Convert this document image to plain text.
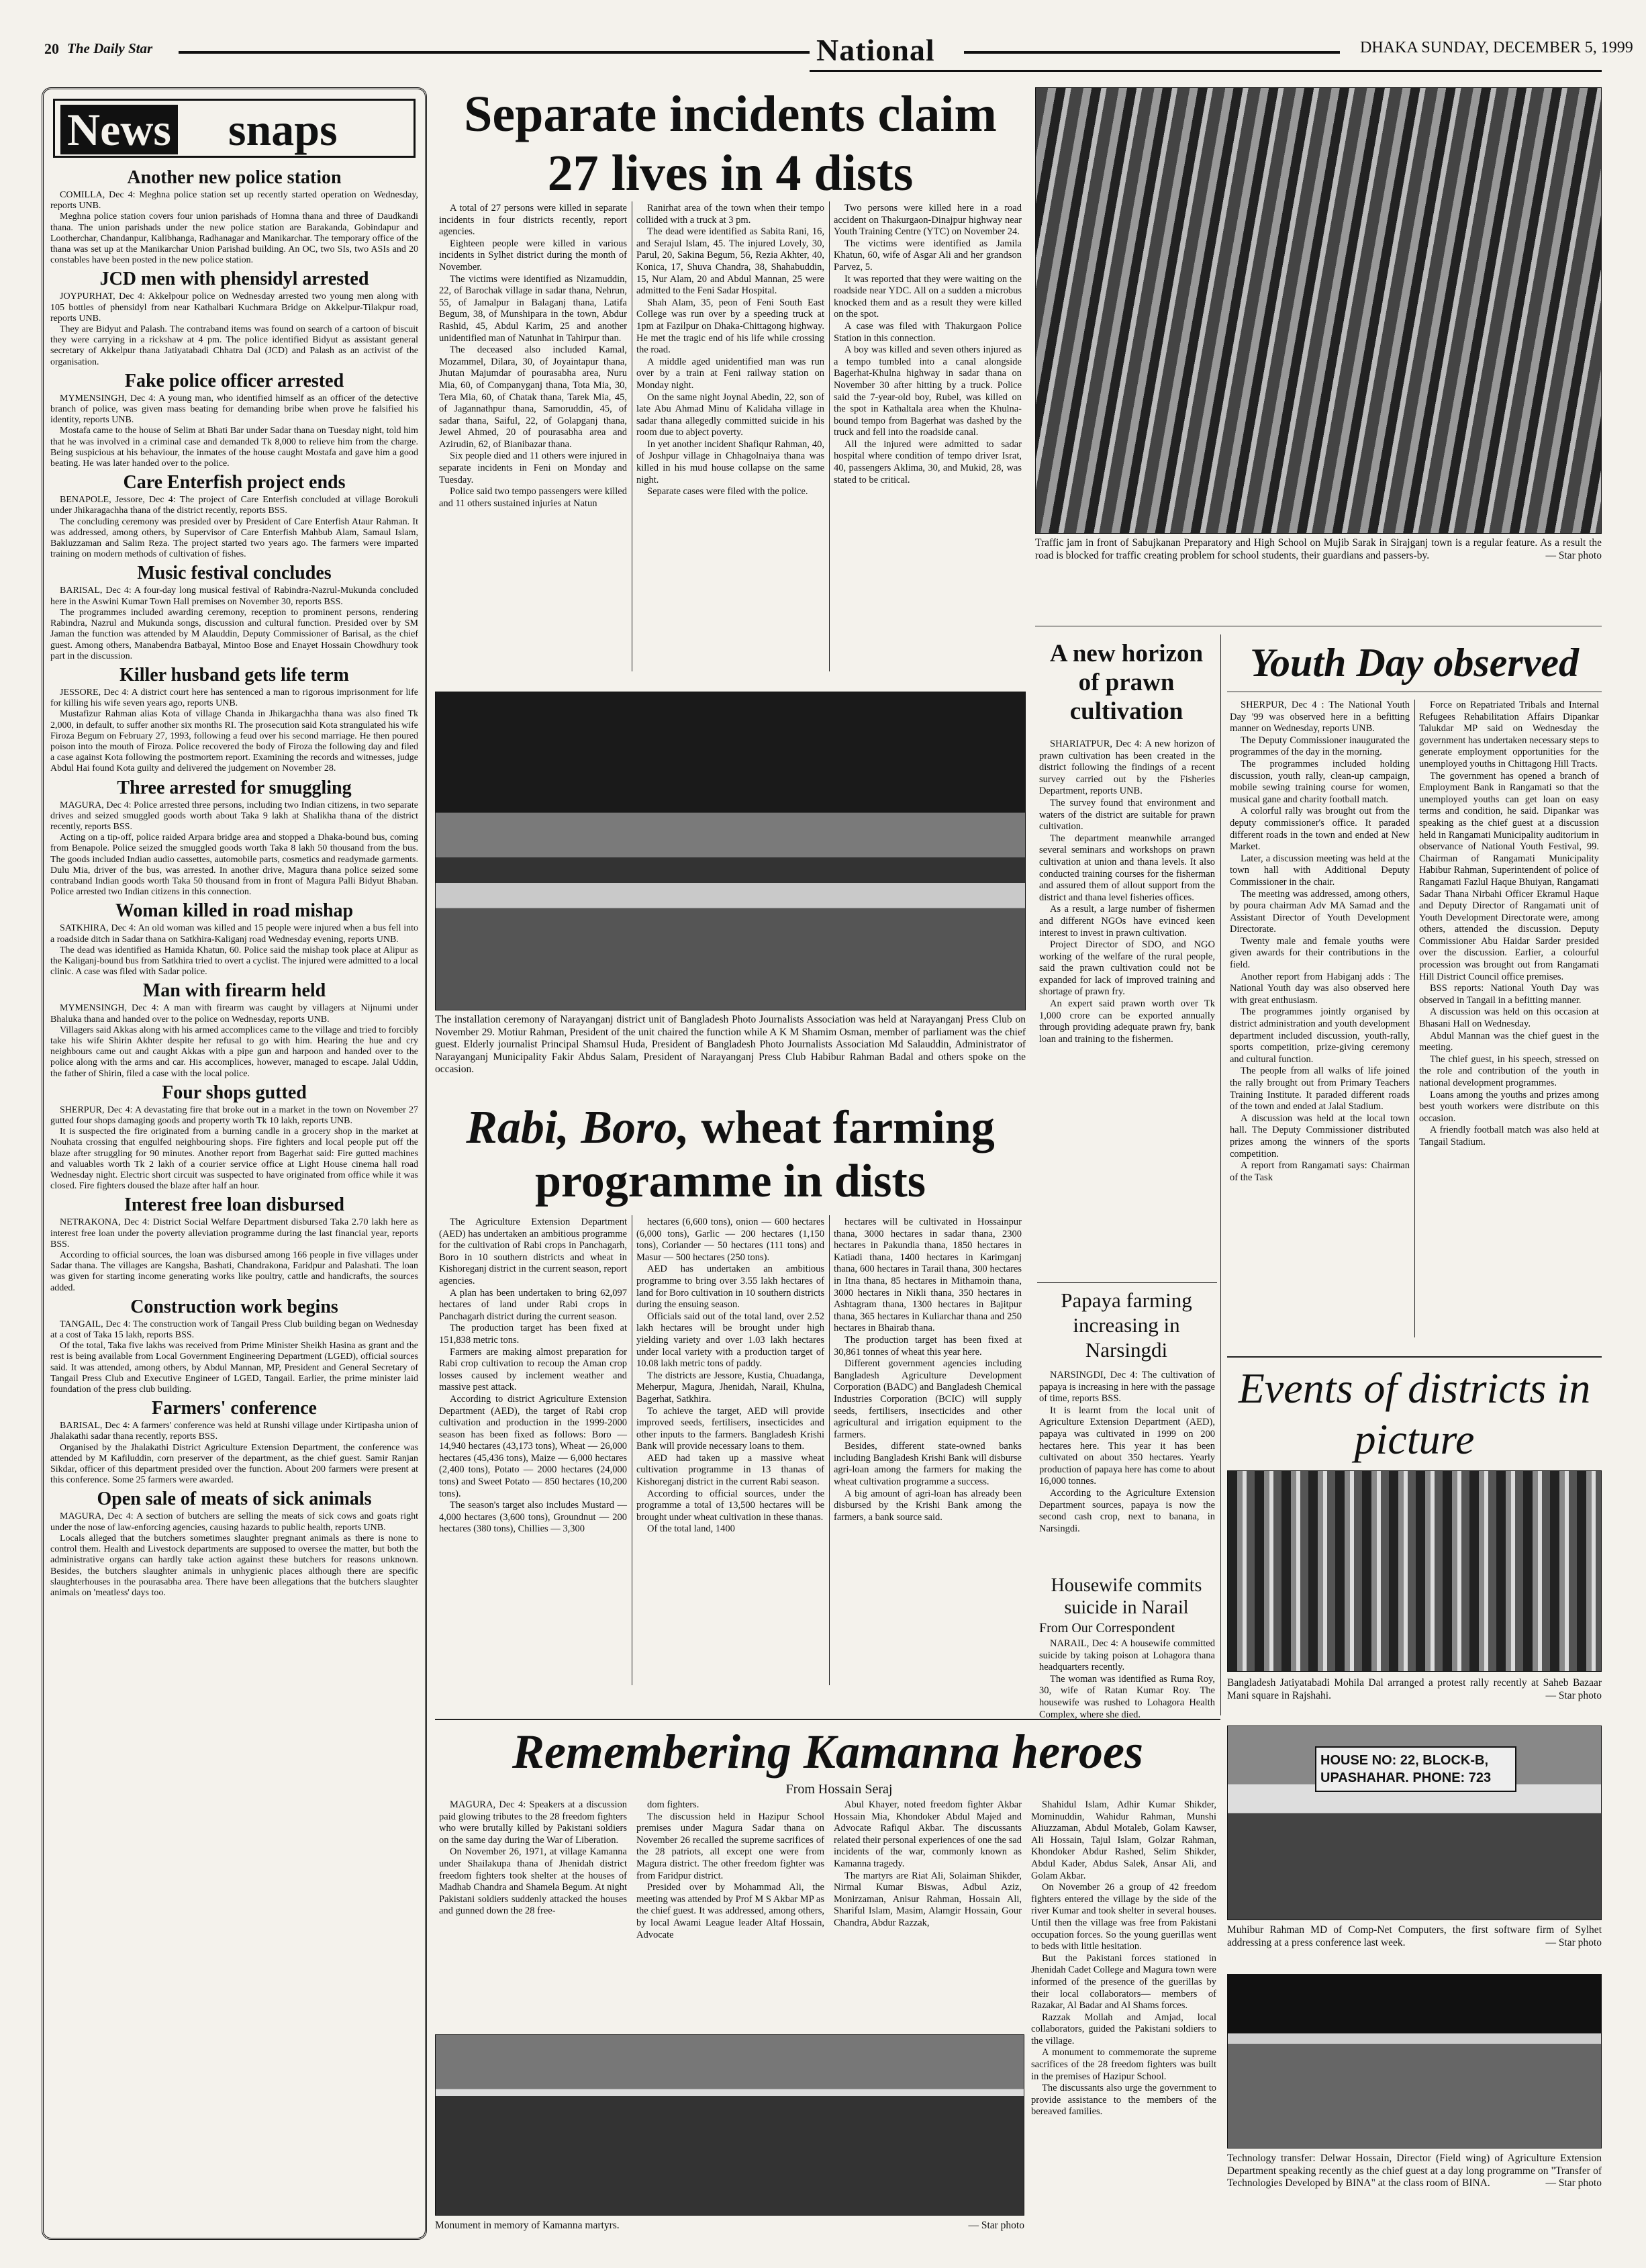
20 The Daily Star	National	DHAKA SUNDAY, DECEMBER 5, 1999
News snaps
Another new police station
COMILLA, Dec 4: Meghna police station set up recently started operation on Wednesday, reports UNB.
Meghna police station covers four union parishads of Homna thana and three of Daudkandi thana. The union parishads under the new police station are Barakanda, Gobindapur and Lootherchar, Chandanpur, Kalibhanga, Radhanagar and Manikarchar. The temporary office of the thana was set up at the Manikarchar Union Parishad building. An OC, two SIs, two ASIs and 20 constables have been posted in the new police station.
JCD men with phensidyl arrested
JOYPURHAT, Dec 4: Akkelpour police on Wednesday arrested two young men along with 105 bottles of phensidyl from near Kathalbari Kuchmara Bridge on Akkelpur-Tilakpur road, reports UNB.
They are Bidyut and Palash. The contraband items was found on search of a cartoon of biscuit they were carrying in a rickshaw at 4 pm. The police identified Bidyut as assistant general secretary of Akkelpur thana Jatiyatabadi Chhatra Dal (JCD) and Palash as an activist of the organisation.
Fake police officer arrested
MYMENSINGH, Dec 4: A young man, who identified himself as an officer of the detective branch of police, was given mass beating for demanding bribe when prove he falsified his identity, reports UNB.
Mostafa came to the house of Selim at Bhati Bar under Sadar thana on Tuesday night, told him that he was involved in a criminal case and demanded Tk 8,000 to relieve him from the charge. Being suspicious at his behaviour, the inmates of the house caught Mostafa and gave him a good beating. He was later handed over to the police.
Care Enterfish project ends
BENAPOLE, Jessore, Dec 4: The project of Care Enterfish concluded at village Borokuli under Jhikaragachha thana of the district recently, reports BSS.
The concluding ceremony was presided over by President of Care Enterfish Ataur Rahman. It was addressed, among others, by Supervisor of Care Enterfish Mahbub Alam, Samaul Islam, Bakluzzaman and Salim Reza. The project started two years ago. The farmers were imparted training on modern methods of cultivation of fishes.
Music festival concludes
BARISAL, Dec 4: A four-day long musical festival of Rabindra-Nazrul-Mukunda concluded here in the Aswini Kumar Town Hall premises on November 30, reports BSS.
The programmes included awarding ceremony, reception to prominent persons, rendering Rabindra, Nazrul and Mukunda songs, discussion and cultural function. Presided over by SM Jaman the function was attended by M Alauddin, Deputy Commissioner of Barisal, as the chief guest. Among others, Manabendra Batbayal, Mintoo Bose and Enayet Hossain Chowdhury took part in the discussion.
Killer husband gets life term
JESSORE, Dec 4: A district court here has sentenced a man to rigorous imprisonment for life for killing his wife seven years ago, reports UNB.
Mustafizur Rahman alias Kota of village Chanda in Jhikargachha thana was also fined Tk 2,000, in default, to suffer another six months RI. The prosecution said Kota strangulated his wife Firoza Begum on February 27, 1993, following a feud over his second marriage. He then poured poison into the mouth of Firoza. Police recovered the body of Firoza the following day and filed a case against Kota following the postmortem report. Examining the records and witnesses, judge Abdul Hai found Kota guilty and delivered the judgement on November 28.
Three arrested for smuggling
MAGURA, Dec 4: Police arrested three persons, including two Indian citizens, in two separate drives and seized smuggled goods worth about Taka 9 lakh at Shalikha thana of the district recently, reports BSS.
Acting on a tip-off, police raided Arpara bridge area and stopped a Dhaka-bound bus, coming from Benapole. Police seized the smuggled goods worth Taka 8 lakh 50 thousand from the bus. The goods included Indian audio cassettes, automobile parts, cosmetics and readymade garments. Dulu Mia, driver of the bus, was arrested. In another drive, Magura thana police seized some contraband Indian goods worth Taka 50 thousand from in front of Magura Palli Bidyut Bhaban. Police arrested two Indian citizens in this connection.
Woman killed in road mishap
SATKHIRA, Dec 4: An old woman was killed and 15 people were injured when a bus fell into a roadside ditch in Sadar thana on Satkhira-Kaliganj road Wednesday evening, reports UNB.
The dead was identified as Hamida Khatun, 60. Police said the mishap took place at Alipur as the Kaliganj-bound bus from Satkhira tried to overt a cyclist. The injured were admitted to a local clinic. A case was filed with Sadar police.
Man with firearm held
MYMENSINGH, Dec 4: A man with firearm was caught by villagers at Nijnumi under Bhaluka thana and handed over to the police on Wednesday, reports UNB.
Villagers said Akkas along with his armed accomplices came to the village and tried to forcibly take his wife Shirin Akhter despite her refusal to go with him. Hearing the hue and cry neighbours came out and caught Akkas with a pipe gun and harpoon and handed over to the police along with the arms and car. His accomplices, however, managed to escape. Jalal Uddin, the father of Shirin, filed a case with the local police.
Four shops gutted
SHERPUR, Dec 4: A devastating fire that broke out in a market in the town on November 27 gutted four shops damaging goods and property worth Tk 10 lakh, reports UNB.
It is suspected the fire originated from a burning candle in a grocery shop in the market at Nouhata crossing that engulfed neighbouring shops. Fire fighters and local people put off the blaze after struggling for 90 minutes. Another report from Bagerhat said: Fire gutted machines and valuables worth Tk 2 lakh of a courier service office at Light House cinema hall road Wednesday night. Electric short circuit was suspected to have originated from office while it was closed. Fire fighters doused the blaze after half an hour.
Interest free loan disbursed
NETRAKONA, Dec 4: District Social Welfare Department disbursed Taka 2.70 lakh here as interest free loan under the poverty alleviation programme during the last financial year, reports BSS.
According to official sources, the loan was disbursed among 166 people in five villages under Sadar thana. The villages are Kangsha, Bashati, Chandrakona, Faridpur and Palashati. The loan was given for starting income generating works like poultry, cattle and handicrafts, the sources added.
Construction work begins
TANGAIL, Dec 4: The construction work of Tangail Press Club building began on Wednesday at a cost of Taka 15 lakh, reports BSS.
Of the total, Taka five lakhs was received from Prime Minister Sheikh Hasina as grant and the rest is being available from Local Government Engineering Department (LGED), official sources said. It was attended, among others, by Abdul Mannan, MP, President and General Secretary of Tangail Press Club and Executive Engineer of LGED, Tangail. Earlier, the prime minister laid foundation of the press club building.
Farmers' conference
BARISAL, Dec 4: A farmers' conference was held at Runshi village under Kirtipasha union of Jhalakathi sadar thana recently, reports BSS.
Organised by the Jhalakathi District Agriculture Extension Department, the conference was attended by M Kafiluddin, corn preserver of the department, as the chief guest. Samir Ranjan Sikdar, officer of this department presided over the function. About 200 farmers were present at this conference. Some 25 farmers were awarded.
Open sale of meats of sick animals
MAGURA, Dec 4: A section of butchers are selling the meats of sick cows and goats right under the nose of law-enforcing agencies, causing hazards to public health, reports UNB.
Locals alleged that the butchers sometimes slaughter pregnant animals as there is none to control them. Health and Livestock departments are supposed to oversee the matter, but both the administrative organs can hardly take action against these butchers for reasons unknown. Besides, the butchers slaughter animals in unhygienic places although there are specific slaughterhouses in the pourasabha area. There have been allegations that the butchers slaughter animals on 'meatless' days too.
Separate incidents claim 27 lives in 4 dists

A total of 27 persons were killed in separate incidents in four districts recently, report agencies.

Eighteen people were killed in various incidents in Sylhet district during the month of November.

The victims were identified as Nizamuddin, 22, of Barochak village in sadar thana, Nehrun, 55, of Jamalpur in Balaganj thana, Latifa Begum, 38, of Munshipara in the town, Abdur Rashid, 45, Abdul Karim, 25 and another unidentified man of Natunhat in Tahirpur than.

The deceased also included Kamal, Mozammel, Dilara, 30, of Joyaintapur thana, Jhutan Majumdar of pourasabha area, Nuru Mia, 60, of Companyganj thana, Tota Mia, 30, Tera Mia, 60, of Chatak thana, Tarek Mia, 45, of Jagannathpur thana, Samoruddin, 45, of sadar thana, Saiful, 22, of Golapganj thana, Jewel Ahmed, 20 of pourasabha area and Azirudin, 62, of Bianibazar thana.

Six people died and 11 others were injured in separate incidents in Feni on Monday and Tuesday.

Police said two tempo passengers were killed and 11 others sustained injuries at Natun

Ranirhat area of the town when their tempo collided with a truck at 3 pm.

The dead were identified as Sabita Rani, 16, and Serajul Islam, 45. The injured Lovely, 30, Parul, 20, Sakina Begum, 56, Rezia Akhter, 40, Konica, 17, Shuva Chandra, 38, Shahabuddin, 15, Nur Alam, 20 and Abdul Mannan, 25 were admitted to the Feni Sadar Hospital.

Shah Alam, 35, peon of Feni South East College was run over by a speeding truck at 1pm at Fazilpur on Dhaka-Chittagong highway. He met the tragic end of his life while crossing the road.

A middle aged unidentified man was run over by a train at Feni railway station on Monday night.

On the same night Joynal Abedin, 22, son of late Abu Ahmad Minu of Kalidaha village in sadar thana allegedly committed suicide in his room due to abject poverty.

In yet another incident Shafiqur Rahman, 40, of Joshpur village in Chhagolnaiya thana was killed in his mud house collapse on the same night.

Separate cases were filed with the police.

Two persons were killed here in a road accident on Thakurgaon-Dinajpur highway near Youth Training Centre (YTC) on November 24.

The victims were identified as Jamila Khatun, 60, wife of Asgar Ali and her grandson Parvez, 5.

It was reported that they were waiting on the roadside near YDC. All on a sudden a microbus knocked them and as a result they were killed on the spot.

A case was filed with Thakurgaon Police Station in this connection.

A boy was killed and seven others injured as a tempo tumbled into a canal alongside Bagerhat-Khulna highway in sadar thana on November 30 after hitting by a truck. Police said the 7-year-old boy, Rubel, was killed on the spot in Kathaltala area when the Khulna-bound tempo from Bagerhat was dashed by the truck and fell into the roadside canal.

All the injured were admitted to sadar hospital where condition of tempo driver Israt, 40, passengers Aklima, 30, and Mukid, 28, was stated to be critical.

Traffic jam in front of Sabujkanan Preparatory and High School on Mujib Sarak in Sirajganj town is a regular feature. As a result the road is blocked for traffic creating problem for school students, their guardians and passers-by.	— Star photo
The installation ceremony of Narayanganj district unit of Bangladesh Photo Journalists Association was held at Narayanganj Press Club on November 29. Motiur Rahman, President of the unit chaired the function while A K M Shamim Osman, member of parliament was the chief guest. Elderly journalist Principal Shamsul Huda, President of Bangladesh Photo Journalists Association Md Salauddin, Administrator of Narayanganj Municipality Fakir Abdus Salam, President of Narayanganj Press Club Habibur Rahman Badal and others spoke on the occasion.
Rabi, Boro, wheat farming programme in dists

The Agriculture Extension Department (AED) has undertaken an ambitious programme for the cultivation of Rabi crops in Panchagarh, Boro in 10 southern districts and wheat in Kishoreganj district in the current season, report agencies.

A plan has been undertaken to bring 62,097 hectares of land under Rabi crops in Panchagarh district during the current season.

The production target has been fixed at 151,838 metric tons.

Farmers are making almost preparation for Rabi crop cultivation to recoup the Aman crop losses caused by inclement weather and massive pest attack.

According to district Agriculture Extension Department (AED), the target of Rabi crop cultivation and production in the 1999-2000 season has been fixed as follows: Boro —14,940 hectares (43,173 tons), Wheat — 26,000 hectares (45,436 tons), Maize — 6,000 hectares (2,400 tons), Potato — 2000 hectares (24,000 tons) and Sweet Potato — 850 hectares (10,200 tons).

The season's target also includes Mustard — 4,000 hectares (3,600 tons), Groundnut — 200 hectares (380 tons), Chillies — 3,300

hectares (6,600 tons), onion — 600 hectares (6,000 tons), Garlic — 200 hectares (1,150 tons), Coriander — 50 hectares (111 tons) and Masur — 500 hectares (250 tons).

AED has undertaken an ambitious programme to bring over 3.55 lakh hectares of land for Boro cultivation in 10 southern districts during the ensuing season.

Officials said out of the total land, over 2.52 lakh hectares will be brought under high yielding variety and over 1.03 lakh hectares under local variety with a production target of 10.08 lakh metric tons of paddy.

The districts are Jessore, Kustia, Chuadanga, Meherpur, Magura, Jhenidah, Narail, Khulna, Bagerhat, Satkhira.

To achieve the target, AED will provide improved seeds, fertilisers, insecticides and other inputs to the farmers. Bangladesh Krishi Bank will provide necessary loans to them.

AED had taken up a massive wheat cultivation programme in 13 thanas of Kishoreganj district in the current Rabi season.

According to official sources, under the programme a total of 13,500 hectares will be brought under wheat cultivation in these thanas.

Of the total land, 1400

hectares will be cultivated in Hossainpur thana, 3000 hectares in sadar thana, 2300 hectares in Pakundia thana, 1850 hectares in Katiadi thana, 1400 hectares in Karimganj thana, 600 hectares in Tarail thana, 300 hectares in Itna thana, 85 hectares in Mithamoin thana, 3000 hectares in Nikli thana, 350 hectares in Ashtagram thana, 1300 hectares in Bajitpur thana, 365 hectares in Kuliarchar thana and 250 hectares in Bhairab thana.

The production target has been fixed at 30,861 tonnes of wheat this year here.

Different government agencies including Bangladesh Agriculture Development Corporation (BADC) and Bangladesh Chemical Industries Corporation (BCIC) will supply seeds, fertilisers, insecticides and other agricultural and irrigation equipment to the farmers.

Besides, different state-owned banks including Bangladesh Krishi Bank will disburse agri-loan among the farmers for making the wheat cultivation programme a success.

A big amount of agri-loan has already been disbursed by the Krishi Bank among the farmers, a bank source said.

A new horizon of prawn cultivation

SHARIATPUR, Dec 4: A new horizon of prawn cultivation has been created in the district following the findings of a recent survey carried out by the Fisheries Department, reports UNB.

The survey found that environment and waters of the district are suitable for prawn cultivation.

The department meanwhile arranged several seminars and workshops on prawn cultivation at union and thana levels. It also conducted training courses for the fisherman and assured them of allout support from the district and thana level fisheries offices.

As a result, a large number of fishermen and different NGOs have evinced keen interest to invest in prawn cultivation.

Project Director of SDO, and NGO working of the welfare of the rural people, said the prawn cultivation could not be expanded for lack of improved training and shortage of prawn fry.

An expert said prawn worth over Tk 1,000 crore can be exported annually through providing adequate prawn fry, bank loan and training to the fishermen.

Papaya farming increasing in Narsingdi

NARSINGDI, Dec 4: The cultivation of papaya is increasing in here with the passage of time, reports BSS.

It is learnt from the local unit of Agriculture Extension Department (AED), papaya was cultivated in 1999 on 200 hectares here. This year it has been cultivated on about 350 hectares. Yearly production of papaya here has come to about 16,000 tonnes.

According to the Agriculture Extension Department sources, papaya is now the second cash crop, next to banana, in Narsingdi.

Housewife commits suicide in Narail
From Our Correspondent

NARAIL, Dec 4: A housewife committed suicide by taking poison at Lohagora thana headquarters recently.

The woman was identified as Ruma Roy, 30, wife of Ratan Kumar Roy. The housewife was rushed to Lohagora Health Complex, where she died.

Youth Day observed

SHERPUR, Dec 4 : The National Youth Day '99 was observed here in a befitting manner on Wednesday, reports UNB.

The Deputy Commissioner inaugurated the programmes of the day in the morning.

The programmes included holding discussion, youth rally, clean-up campaign, mobile sewing training course for women, musical gane and charity football match.

A colorful rally was brought out from the deputy commissioner's office. It paraded different roads in the town and ended at New Market.

Later, a discussion meeting was held at the town hall with Additional Deputy Commissioner in the chair.

The meeting was addressed, among others, by poura chairman Adv MA Samad and the Assistant Director of Youth Development Directorate.

Twenty male and female youths were given awards for their contributions in the field.

Another report from Habiganj adds : The National Youth day was also observed here with great enthusiasm.

The programmes jointly organised by district administration and youth development department included discussion, youth-rally, sports competition, prize-giving ceremony and cultural function.

The people from all walks of life joined the rally brought out from Primary Teachers Training Institute. It paraded different roads of the town and ended at Jalal Stadium.

A discussion was held at the local town hall. The Deputy Commissioner distributed prizes among the winners of the sports competition.

A report from Rangamati says: Chairman of the Task

Force on Repatriated Tribals and Internal Refugees Rehabilitation Affairs Dipankar Talukdar MP said on Wednesday the government has undertaken necessary steps to generate employment opportunities for the unemployed youths in Chittagong Hill Tracts.

The government has opened a branch of Employment Bank in Rangamati so that the unemployed youths can get loan on easy terms and condition, he said. Dipankar was speaking as the chief guest at a discussion held in Rangamati Municipality auditorium in observance of National Youth Festival, 99. Chairman of Rangamati Municipality Habibur Rahman, Superintendent of police of Rangamati Fazlul Haque Bhuiyan, Rangamati Sadar Thana Nirbahi Officer Ekramul Haque and Deputy Director of Rangamati unit of Youth Development Directorate were, among others, attended the discussion. Deputy Commissioner Abu Haidar Sarder presided over the discussion. Earlier, a colourful procession was brought out from Rangamati Hill District Council office premises.

BSS reports: National Youth Day was observed in Tangail in a befitting manner.

A discussion was held on this occasion at Bhasani Hall on Wednesday.

Abdul Mannan was the chief guest in the meeting.

The chief guest, in his speech, stressed on the role and contribution of the youth in national development programmes.

Loans among the youths and prizes among best youth workers were distribute on this occasion.

A friendly football match was also held at Tangail Stadium.

Events of districts in picture
Bangladesh Jatiyatabadi Mohila Dal arranged a protest rally recently at Saheb Bazaar Mani square in Rajshahi.	— Star photo
HOUSE NO: 22, BLOCK-B, UPASHAHAR. PHONE: 723
Muhibur Rahman MD of Comp-Net Computers, the first software firm of Sylhet addressing at a press conference last week.	— Star photo
Technology transfer: Delwar Hossain, Director (Field wing) of Agriculture Extension Department speaking recently as the chief guest at a day long programme on "Transfer of Technologies Developed by BINA" at the class room of BINA.	— Star photo
Remembering Kamanna heroes
From Hossain Seraj

MAGURA, Dec 4: Speakers at a discussion paid glowing tributes to the 28 freedom fighters who were brutally killed by Pakistani soldiers on the same day during the War of Liberation.

On November 26, 1971, at village Kamanna under Shailakupa thana of Jhenidah district freedom fighters took shelter at the houses of Madhab Chandra and Shamela Begum. At night Pakistani soldiers suddenly attacked the houses and gunned down the 28 free-

dom fighters.

The discussion held in Hazipur School premises under Magura Sadar thana on November 26 recalled the supreme sacrifices of the 28 patriots, all except one were from Magura district. The other freedom fighter was from Faridpur district.

Presided over by Mohammad Ali, the meeting was attended by Prof M S Akbar MP as the chief guest. It was addressed, among others, by local Awami League leader Altaf Hossain, Advocate

Abul Khayer, noted freedom fighter Akbar Hossain Mia, Khondoker Abdul Majed and Advocate Rafiqul Akbar. The discussants related their personal experiences of one the sad incidents of the war, commonly known as Kamanna tragedy.

The martyrs are Riat Ali, Solaiman Shikder, Nirmal Kumar Biswas, Adbul Aziz, Monirzaman, Anisur Rahman, Hossain Ali, Shariful Islam, Masim, Alamgir Hossain, Gour Chandra, Abdur Razzak,

Shahidul Islam, Adhir Kumar Shikder, Mominuddin, Wahidur Rahman, Munshi Aliuzzaman, Abdul Motaleb, Golam Kawser, Ali Hossain, Tajul Islam, Golzar Rahman, Khondoker Abdur Rashed, Selim Shikder, Abdul Kader, Abdus Salek, Ansar Ali, and Golam Akbar.

On November 26 a group of 42 freedom fighters entered the village by the side of the river Kumar and took shelter in several houses. Until then the village was free from Pakistani occupation forces. So the young guerillas went to beds with little hesitation.

But the Pakistani forces stationed in Jhenidah Cadet College and Magura town were informed of the presence of the guerillas by their local collaborators— members of Razakar, Al Badar and Al Shams forces.

Razzak Mollah and Amjad, local collaborators, guided the Pakistani soldiers to the village.

A monument to commemorate the supreme sacrifices of the 28 freedom fighters was built in the premises of Hazipur School.

The discussants also urge the government to provide assistance to the members of the bereaved families.

Monument in memory of Kamanna martyrs.	— Star photo
